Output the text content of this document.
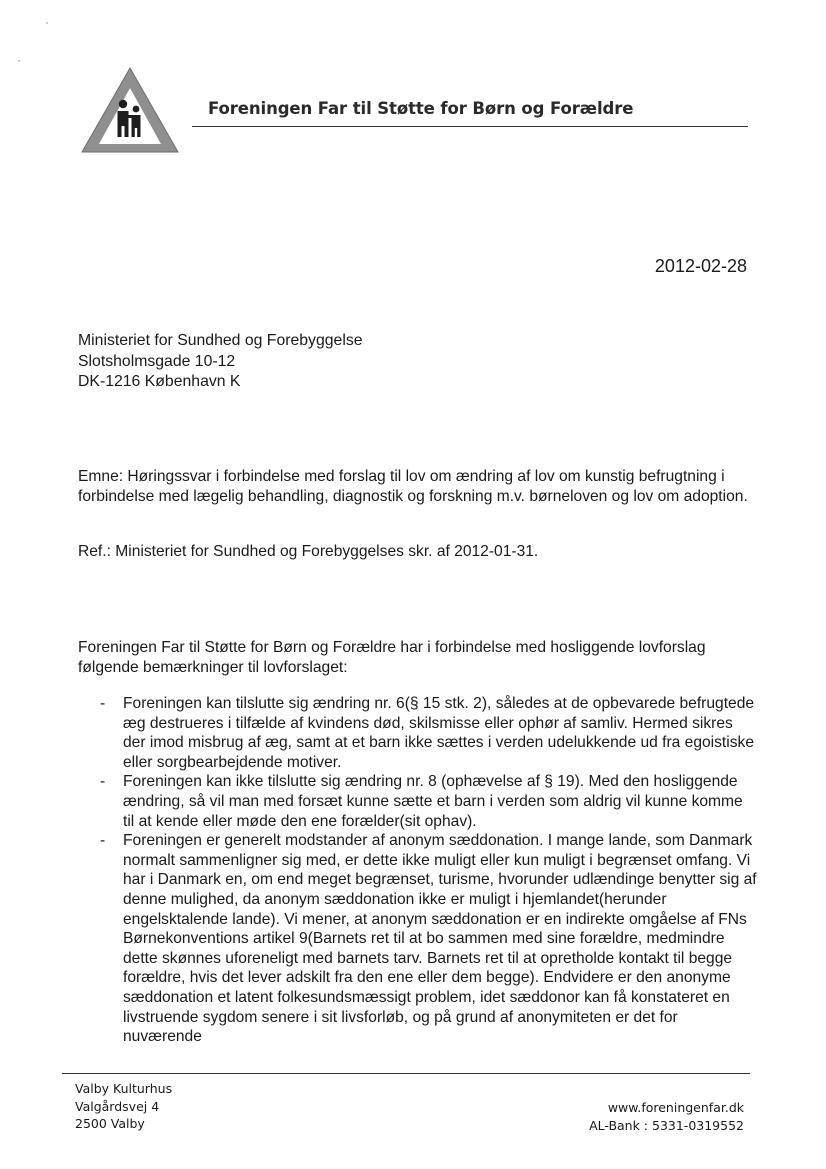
Foreningen Far til Støtte for Børn og Forældre
2012-02-28
Ministeriet for Sundhed og Forebyggelse
Slotsholmsgade 10-12
DK-1216 København K
Emne: Høringssvar i forbindelse med forslag til lov om ændring af lov om kunstig befrugtning i forbindelse med lægelig behandling, diagnostik og forskning m.v. børneloven og lov om adoption.
Ref.: Ministeriet for Sundhed og Forebyggelses skr. af 2012-01-31.
Foreningen Far til Støtte for Børn og Forældre har i forbindelse med hosliggende lovforslag følgende bemærkninger til lovforslaget:
- Foreningen kan tilslutte sig ændring nr. 6(§ 15 stk. 2), således at de opbevarede befrugtede æg destrueres i tilfælde af kvindens død, skilsmisse eller ophør af samliv. Hermed sikres der imod misbrug af æg, samt at et barn ikke sættes i verden udelukkende ud fra egoistiske eller sorgbearbejdende motiver.
- Foreningen kan ikke tilslutte sig ændring nr. 8 (ophævelse af § 19). Med den hosliggende ændring, så vil man med forsæt kunne sætte et barn i verden som aldrig vil kunne komme til at kende eller møde den ene forælder(sit ophav).
- Foreningen er generelt modstander af anonym sæddonation. I mange lande, som Danmark normalt sammenligner sig med, er dette ikke muligt eller kun muligt i begrænset omfang. Vi har i Danmark en, om end meget begrænset, turisme, hvorunder udlændinge benytter sig af denne mulighed, da anonym sæddonation ikke er muligt i hjemlandet(herunder engelsktalende lande). Vi mener, at anonym sæddonation er en indirekte omgåelse af FNs Børnekonventions artikel 9(Barnets ret til at bo sammen med sine forældre, medmindre dette skønnes uforeneligt med barnets tarv. Barnets ret til at opretholde kontakt til begge forældre, hvis det lever adskilt fra den ene eller dem begge). Endvidere er den anonyme sæddonation et latent folkesundsmæssigt problem, idet sæddonor kan få konstateret en livstruende sygdom senere i sit livsforløb, og på grund af anonymiteten er det for nuværende
Valby Kulturhus
Valgårdsvej 4
2500 Valby
www.foreningenfar.dk
AL-Bank : 5331-0319552
